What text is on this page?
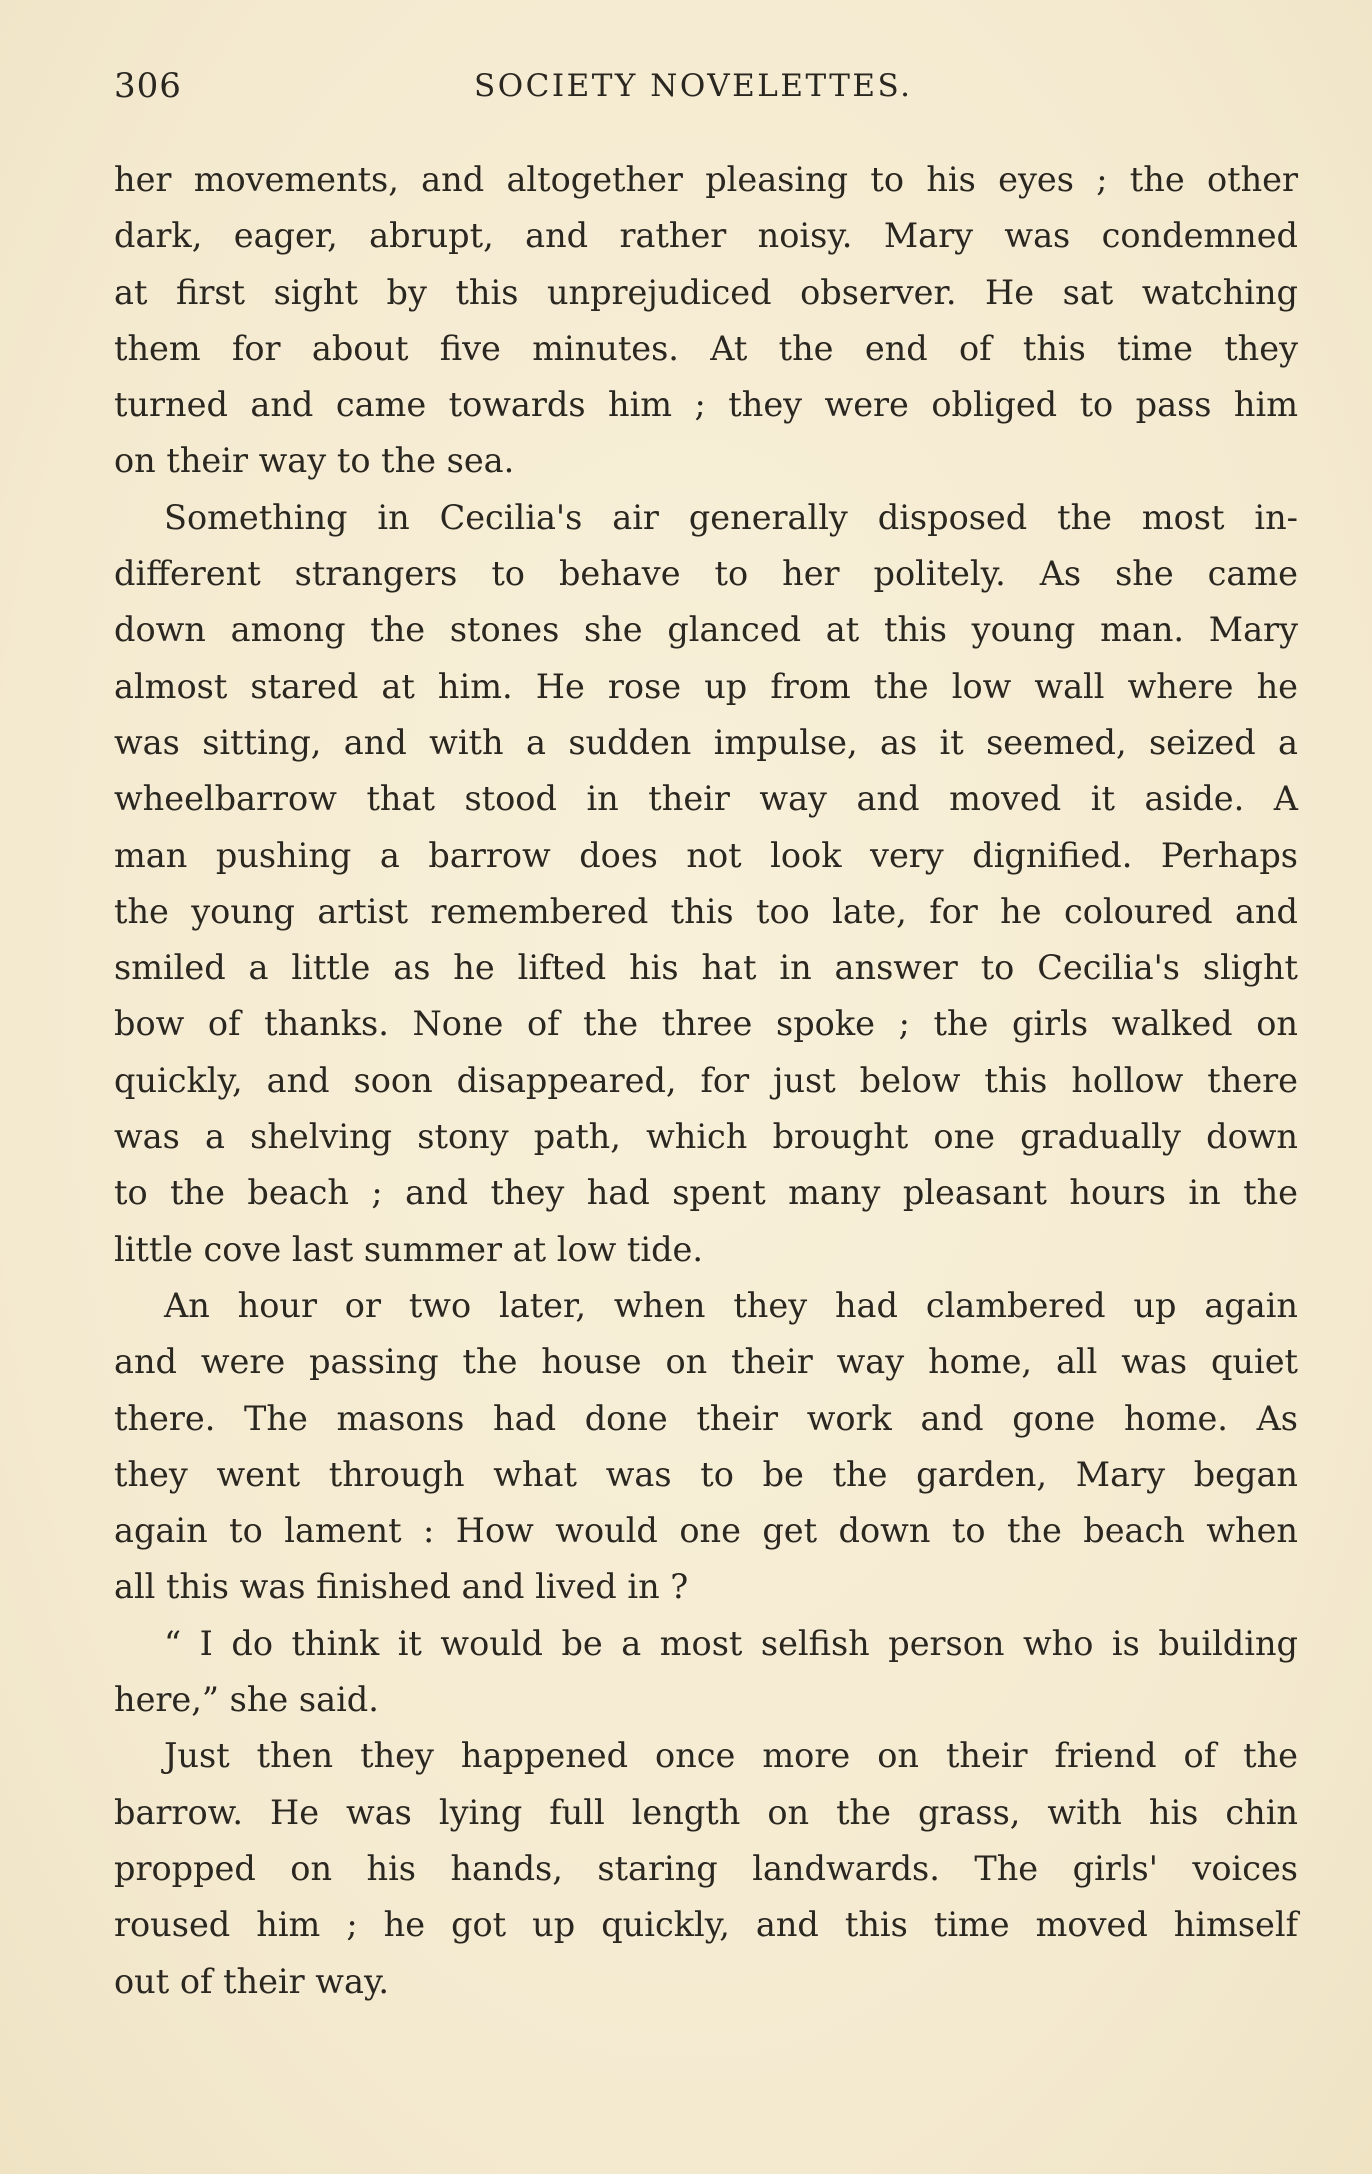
306	SOCIETY NOVELETTES.
her movements, and altogether pleasing to his eyes ; the other
dark, eager, abrupt, and rather noisy. Mary was condemned
at first sight by this unprejudiced observer. He sat watching
them for about five minutes. At the end of this time they
turned and came towards him ; they were obliged to pass him
on their way to the sea.
Something in Cecilia's air generally disposed the most in-
different strangers to behave to her politely. As she came
down among the stones she glanced at this young man. Mary
almost stared at him. He rose up from the low wall where he
was sitting, and with a sudden impulse, as it seemed, seized a
wheelbarrow that stood in their way and moved it aside. A
man pushing a barrow does not look very dignified. Perhaps
the young artist remembered this too late, for he coloured and
smiled a little as he lifted his hat in answer to Cecilia's slight
bow of thanks. None of the three spoke ; the girls walked on
quickly, and soon disappeared, for just below this hollow there
was a shelving stony path, which brought one gradually down
to the beach ; and they had spent many pleasant hours in the
little cove last summer at low tide.
An hour or two later, when they had clambered up again
and were passing the house on their way home, all was quiet
there. The masons had done their work and gone home. As
they went through what was to be the garden, Mary began
again to lament : How would one get down to the beach when
all this was finished and lived in ?
“ I do think it would be a most selfish person who is building
here,” she said.
Just then they happened once more on their friend of the
barrow. He was lying full length on the grass, with his chin
propped on his hands, staring landwards. The girls' voices
roused him ; he got up quickly, and this time moved himself
out of their way.
